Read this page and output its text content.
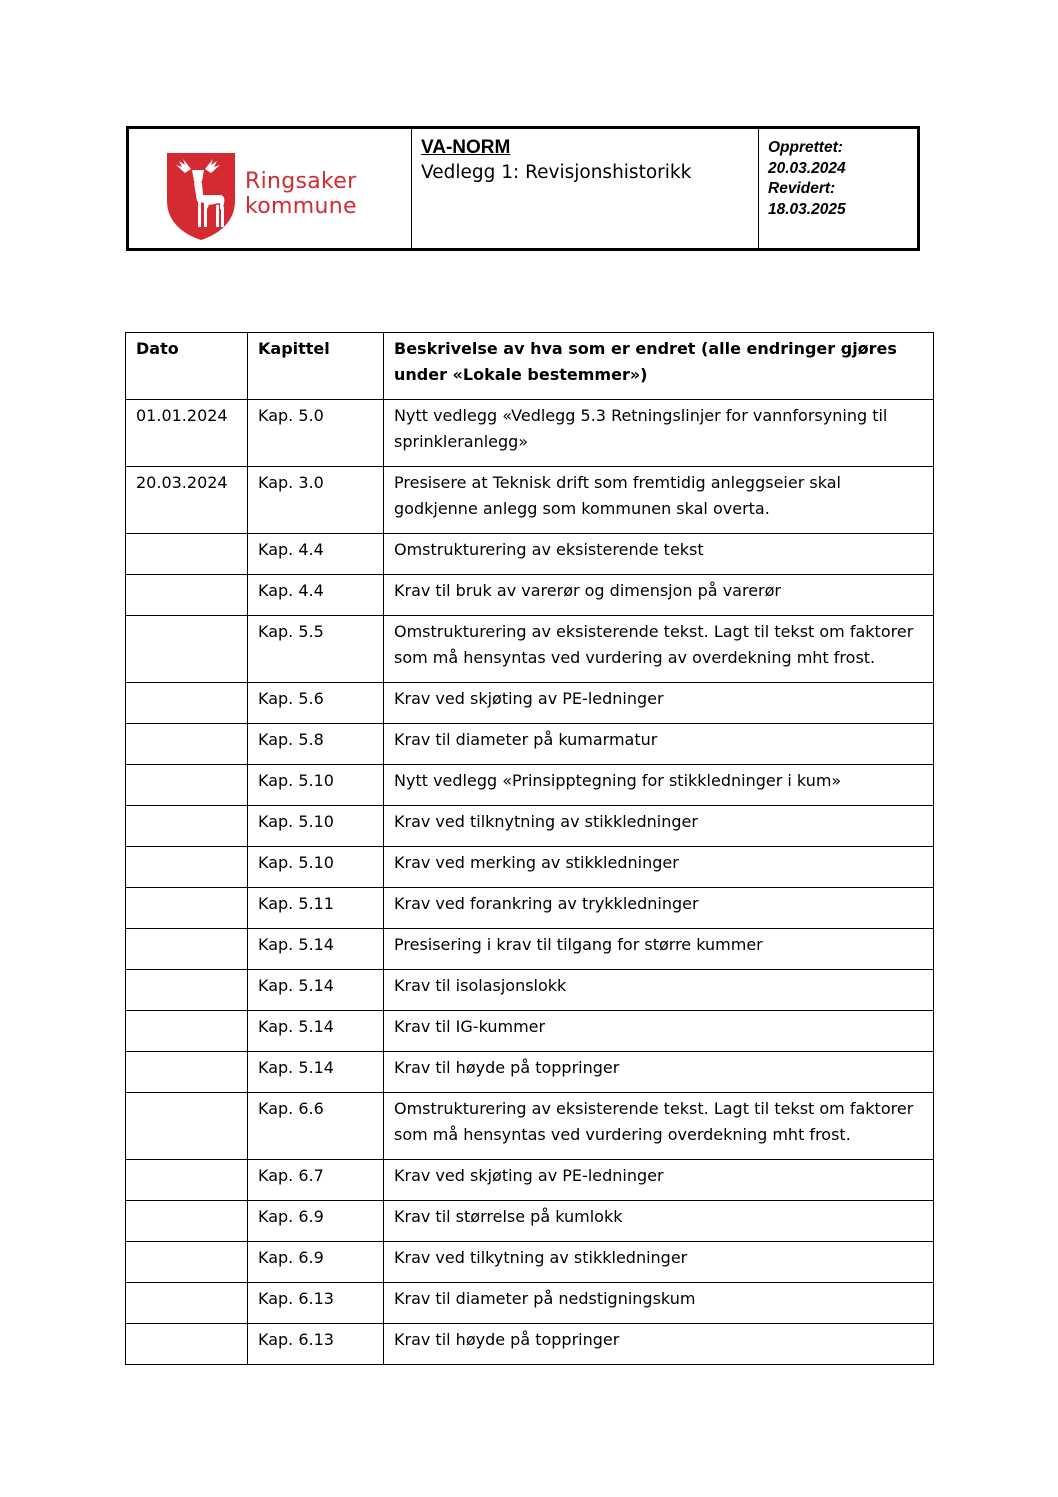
Ringsaker
kommune
VA-NORM
Vedlegg 1: Revisjonshistorikk
Opprettet:
20.03.2024
Revidert:
18.03.2025
Dato	Kapittel	Beskrivelse av hva som er endret (alle endringer gjøres under «Lokale bestemmer»)
01.01.2024	Kap. 5.0	Nytt vedlegg «Vedlegg 5.3 Retningslinjer for vannforsyning til sprinkleranlegg»
20.03.2024	Kap. 3.0	Presisere at Teknisk drift som fremtidig anleggseier skal godkjenne anlegg som kommunen skal overta.
	Kap. 4.4	Omstrukturering av eksisterende tekst
	Kap. 4.4	Krav til bruk av varerør og dimensjon på varerør
	Kap. 5.5	Omstrukturering av eksisterende tekst. Lagt til tekst om faktorer som må hensyntas ved vurdering av overdekning mht frost.
	Kap. 5.6	Krav ved skjøting av PE-ledninger
	Kap. 5.8	Krav til diameter på kumarmatur
	Kap. 5.10	Nytt vedlegg «Prinsipptegning for stikkledninger i kum»
	Kap. 5.10	Krav ved tilknytning av stikkledninger
	Kap. 5.10	Krav ved merking av stikkledninger
	Kap. 5.11	Krav ved forankring av trykkledninger
	Kap. 5.14	Presisering i krav til tilgang for større kummer
	Kap. 5.14	Krav til isolasjonslokk
	Kap. 5.14	Krav til IG-kummer
	Kap. 5.14	Krav til høyde på toppringer
	Kap. 6.6	Omstrukturering av eksisterende tekst. Lagt til tekst om faktorer som må hensyntas ved vurdering overdekning mht frost.
	Kap. 6.7	Krav ved skjøting av PE-ledninger
	Kap. 6.9	Krav til størrelse på kumlokk
	Kap. 6.9	Krav ved tilkytning av stikkledninger
	Kap. 6.13	Krav til diameter på nedstigningskum
	Kap. 6.13	Krav til høyde på toppringer
